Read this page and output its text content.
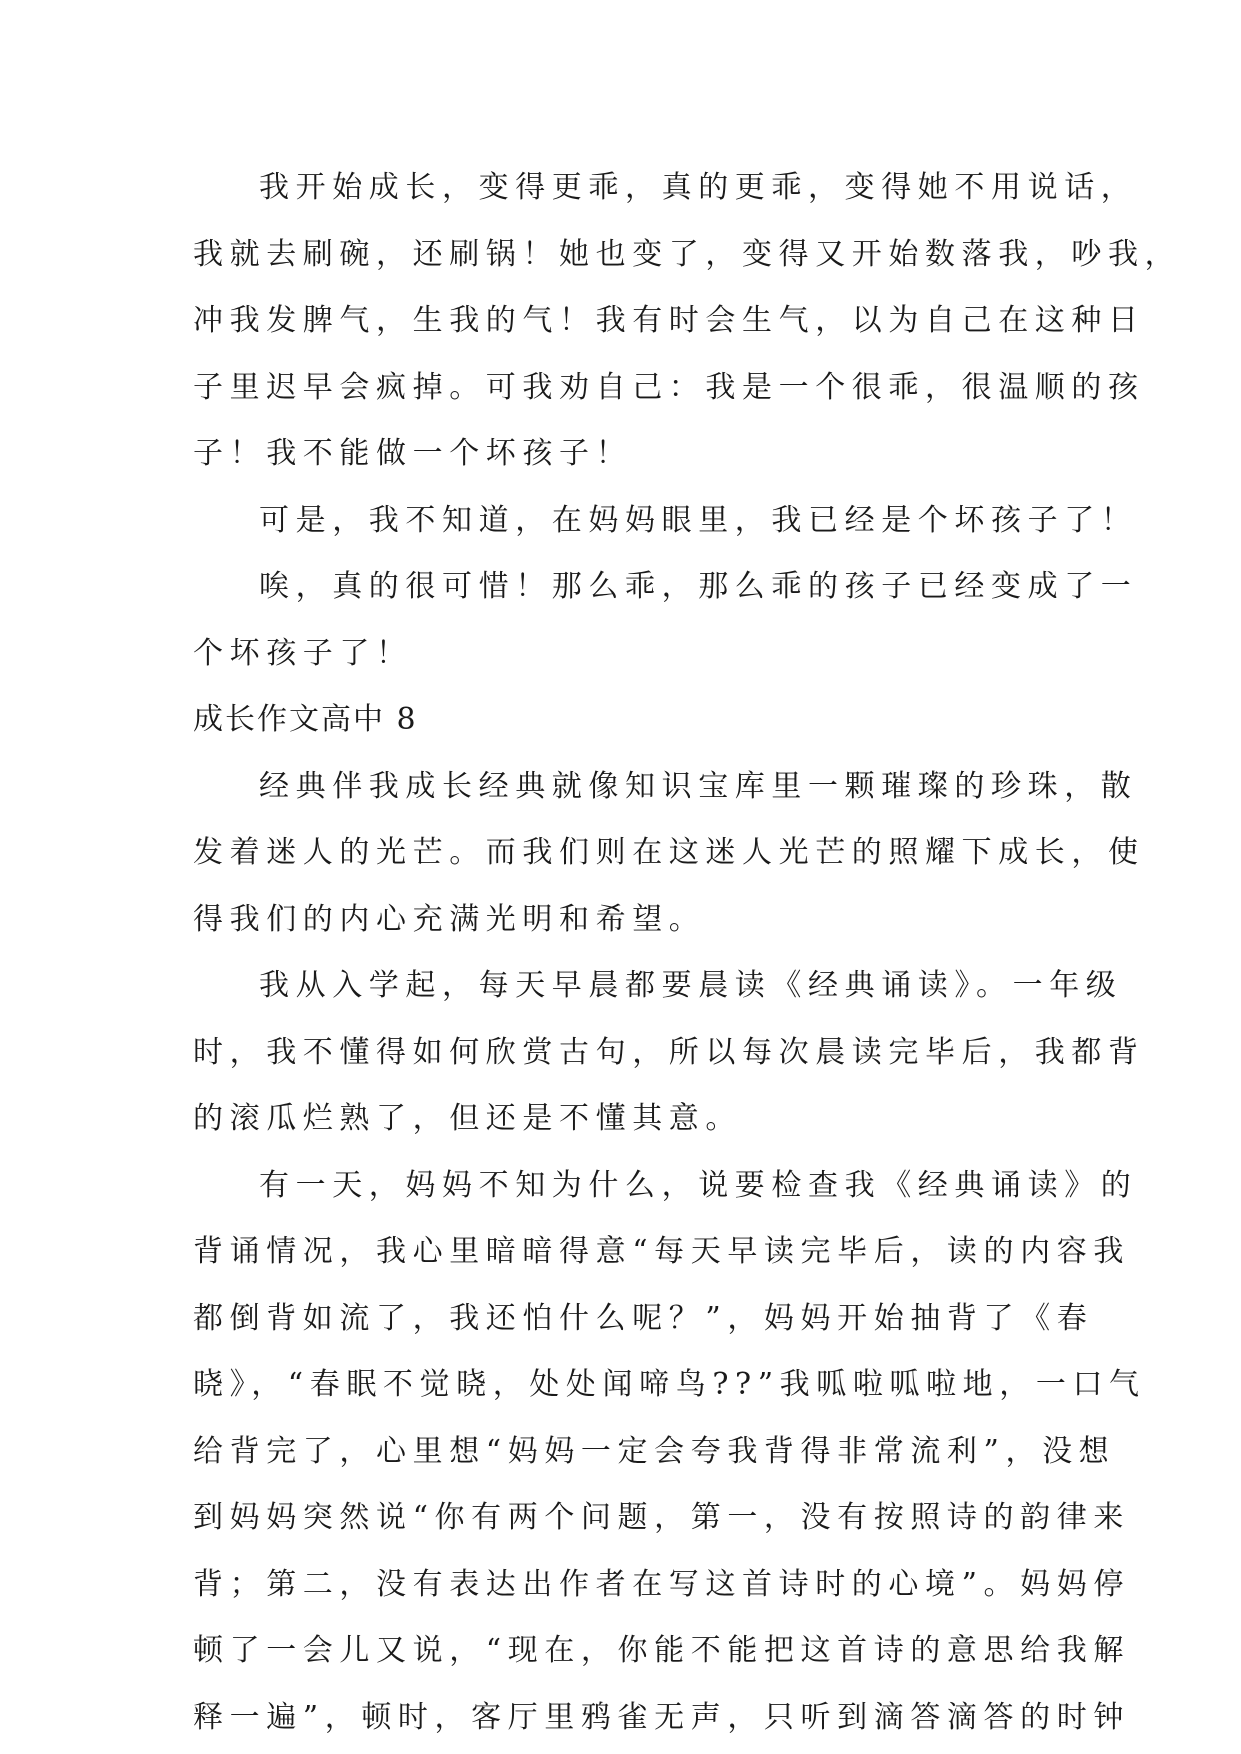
我开始成长，变得更乖，真的更乖，变得她不用说话，
我就去刷碗，还刷锅！她也变了，变得又开始数落我，吵我，
冲我发脾气，生我的气！我有时会生气，以为自己在这种日
子里迟早会疯掉。可我劝自己：我是一个很乖，很温顺的孩
子！我不能做一个坏孩子！
可是，我不知道，在妈妈眼里，我已经是个坏孩子了！
唉，真的很可惜！那么乖，那么乖的孩子已经变成了一
个坏孩子了！
成长作文高中 8
经典伴我成长经典就像知识宝库里一颗璀璨的珍珠，散
发着迷人的光芒。而我们则在这迷人光芒的照耀下成长，使
得我们的内心充满光明和希望。
我从入学起，每天早晨都要晨读《经典诵读》。一年级
时，我不懂得如何欣赏古句，所以每次晨读完毕后，我都背
的滚瓜烂熟了，但还是不懂其意。
有一天，妈妈不知为什么，说要检查我《经典诵读》的
背诵情况，我心里暗暗得意“每天早读完毕后，读的内容我
都倒背如流了，我还怕什么呢？”，妈妈开始抽背了《春
晓》，“春眠不觉晓，处处闻啼鸟??”我呱啦呱啦地，一口气
给背完了，心里想“妈妈一定会夸我背得非常流利”，没想
到妈妈突然说“你有两个问题，第一，没有按照诗的韵律来
背；第二，没有表达出作者在写这首诗时的心境”。妈妈停
顿了一会儿又说，“现在，你能不能把这首诗的意思给我解
释一遍”，顿时，客厅里鸦雀无声，只听到滴答滴答的时钟
